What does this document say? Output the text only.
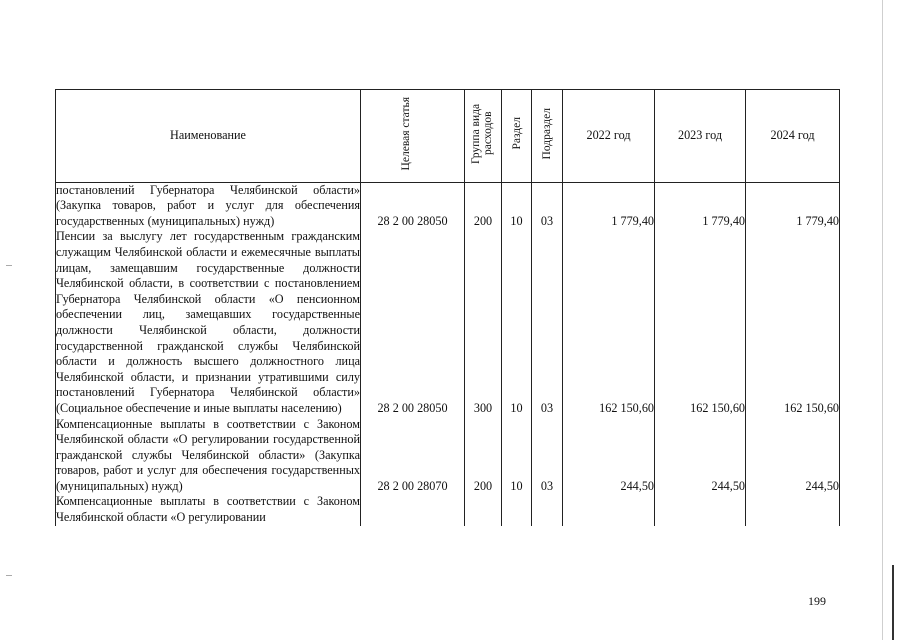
Наименование	Целевая статья	Группа вида расходов	Раздел	Подраздел	2022 год	2023 год	2024 год
постановлений Губернатора Челябинской области» (Закупка товаров, работ и услуг для обеспечения государственных (муниципальных) нужд)	28 2 00 28050	200	10	03	1 779,40	1 779,40	1 779,40
Пенсии за выслугу лет государственным гражданским служащим Челябинской области и ежемесячные выплаты лицам, замещавшим государственные должности Челябинской области, в соответствии с постановлением Губернатора Челябинской области «О пенсионном обеспечении лиц, замещавших государственные должности Челябинской области, должности государственной гражданской службы Челябинской области и должность высшего должностного лица Челябинской области, и признании утратившими силу постановлений Губернатора Челябинской области» (Социальное обеспечение и иные выплаты населению)	28 2 00 28050	300	10	03	162 150,60	162 150,60	162 150,60
Компенсационные выплаты в соответствии с Законом Челябинской области «О регулировании государственной гражданской службы Челябинской области» (Закупка товаров, работ и услуг для обеспечения государственных (муниципальных) нужд)	28 2 00 28070	200	10	03	244,50	244,50	244,50
Компенсационные выплаты в соответствии с Законом Челябинской области «О регулировании							
199
